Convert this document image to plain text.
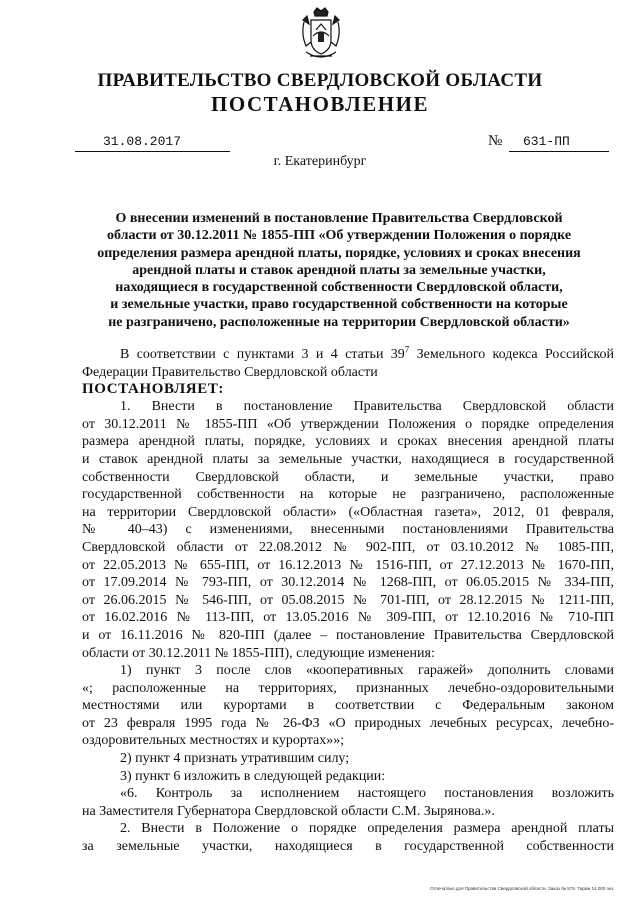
ПРАВИТЕЛЬСТВО СВЕРДЛОВСКОЙ ОБЛАСТИ
ПОСТАНОВЛЕНИЕ
31.08.2017	№	631-ПП
г. Екатеринбург
О внесении изменений в постановление Правительства Свердловской
области от 30.12.2011 № 1855-ПП «Об утверждении Положения о порядке
определения размера арендной платы, порядке, условиях и сроках внесения
арендной платы и ставок арендной платы за земельные участки,
находящиеся в государственной собственности Свердловской области,
и земельные участки, право государственной собственности на которые
не разграничено, расположенные на территории Свердловской области»
В соответствии с пунктами 3 и 4 статьи $39^7$ Земельного кодекса Российской
Федерации Правительство Свердловской области
ПОСТАНОВЛЯЕТ:
1. Внести в постановление Правительства Свердловской области
от 30.12.2011 № 1855-ПП «Об утверждении Положения о порядке определения
размера арендной платы, порядке, условиях и сроках внесения арендной платы
и ставок арендной платы за земельные участки, находящиеся в государственной
собственности Свердловской области, и земельные участки, право
государственной собственности на которые не разграничено, расположенные
на территории Свердловской области» («Областная газета», 2012, 01 февраля,
№ 40–43) с изменениями, внесенными постановлениями Правительства
Свердловской области от 22.08.2012 № 902-ПП, от 03.10.2012 № 1085-ПП,
от 22.05.2013 № 655-ПП, от 16.12.2013 № 1516-ПП, от 27.12.2013 № 1670-ПП,
от 17.09.2014 № 793-ПП, от 30.12.2014 № 1268-ПП, от 06.05.2015 № 334-ПП,
от 26.06.2015 № 546-ПП, от 05.08.2015 № 701-ПП, от 28.12.2015 № 1211-ПП,
от 16.02.2016 № 113-ПП, от 13.05.2016 № 309-ПП, от 12.10.2016 № 710-ПП
и от 16.11.2016 № 820-ПП (далее – постановление Правительства Свердловской
области от 30.12.2011 № 1855-ПП), следующие изменения:
1) пункт 3 после слов «кооперативных гаражей» дополнить словами
«; расположенные на территориях, признанных лечебно-оздоровительными
местностями или курортами в соответствии с Федеральным законом
от 23 февраля 1995 года № 26-ФЗ «О природных лечебных ресурсах, лечебно-
оздоровительных местностях и курортах»»;
2) пункт 4 признать утратившим силу;
3) пункт 6 изложить в следующей редакции:
«6. Контроль за исполнением настоящего постановления возложить
на Заместителя Губернатора Свердловской области С.М. Зырянова.».
2. Внести в Положение о порядке определения размера арендной платы
за земельные участки, находящиеся в государственной собственности
Отпечатано для Правительства Свердловской области. Заказ № 575. Тираж 14 000 экз.
